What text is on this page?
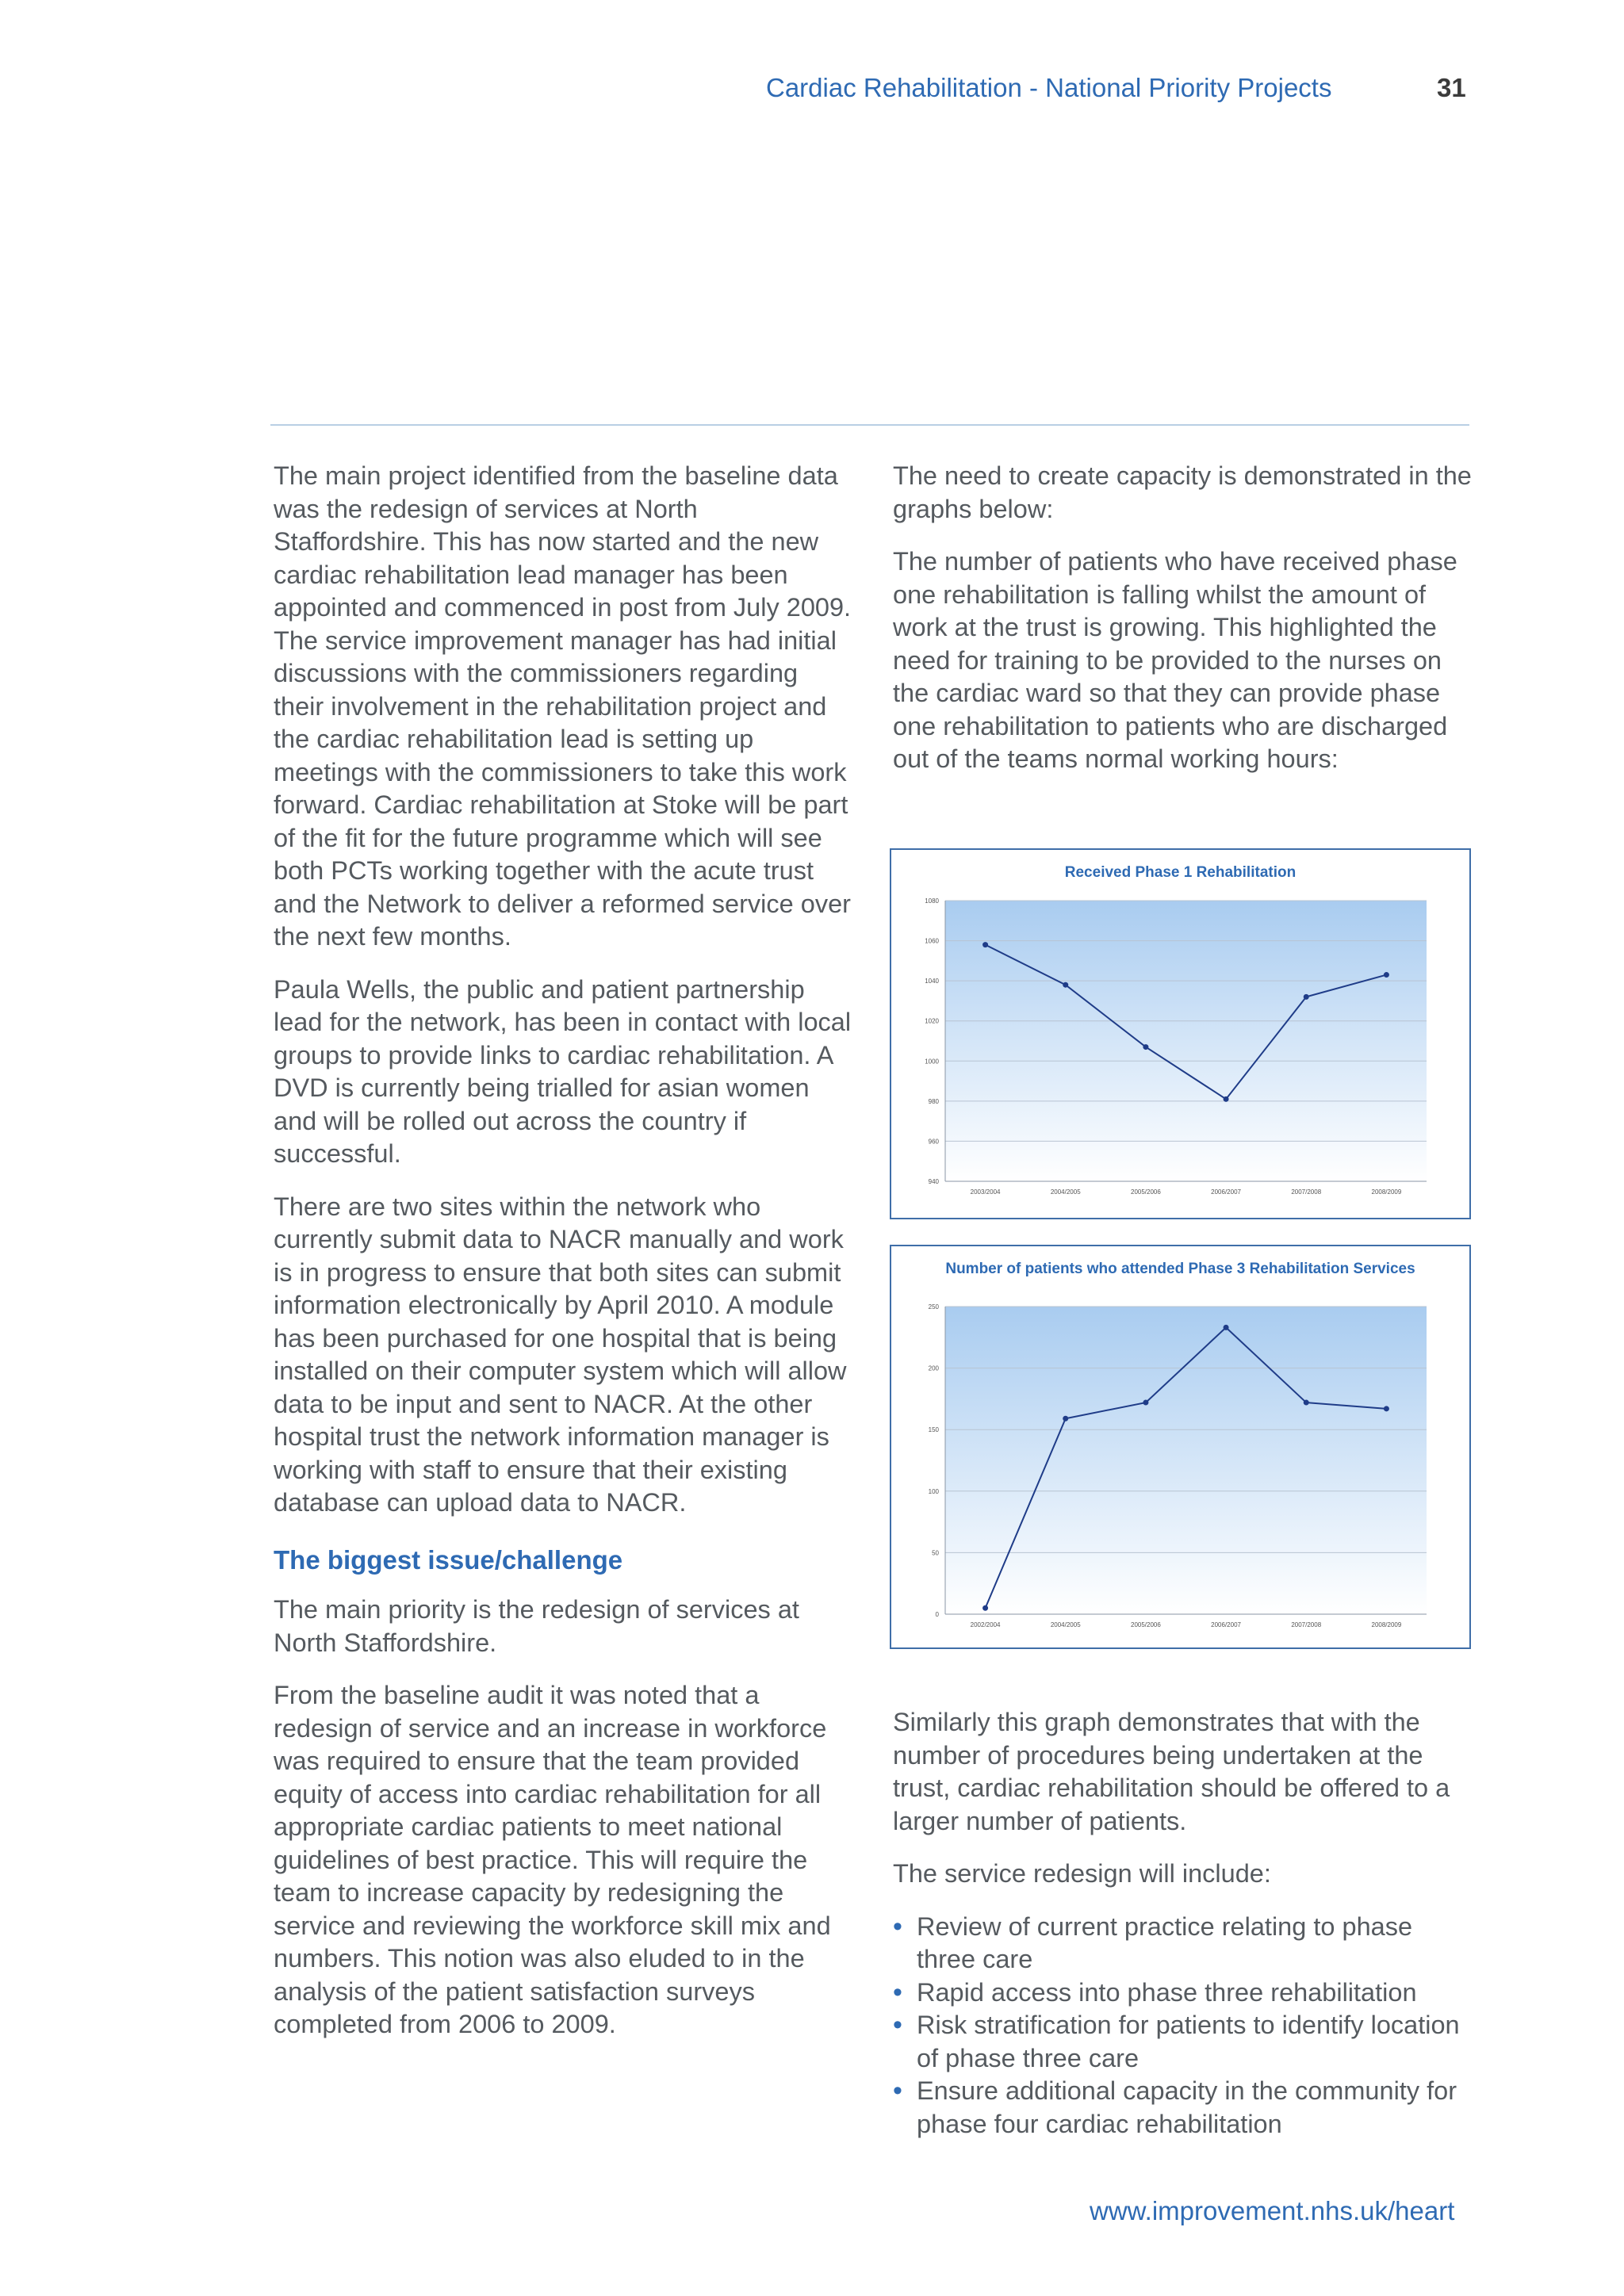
Cardiac Rehabilitation - National Priority Projects	31

The main project identified from the baseline data was the redesign of services at North Staffordshire. This has now started and the new cardiac rehabilitation lead manager has been appointed and commenced in post from July 2009. The service improvement manager has had initial discussions with the commissioners regarding their involvement in the rehabilitation project and the cardiac rehabilitation lead is setting up meetings with the commissioners to take this work forward. Cardiac rehabilitation at Stoke will be part of the fit for the future programme which will see both PCTs working together with the acute trust and the Network to deliver a reformed service over the next few months.

Paula Wells, the public and patient partnership lead for the network, has been in contact with local groups to provide links to cardiac rehabilitation. A DVD is currently being trialled for asian women and will be rolled out across the country if successful.

There are two sites within the network who currently submit data to NACR manually and work is in progress to ensure that both sites can submit information electronically by April 2010. A module has been purchased for one hospital that is being installed on their computer system which will allow data to be input and sent to NACR. At the other hospital trust the network information manager is working with staff to ensure that their existing database can upload data to NACR.

The biggest issue/challenge

The main priority is the redesign of services at North Staffordshire.

From the baseline audit it was noted that a redesign of service and an increase in workforce was required to ensure that the team provided equity of access into cardiac rehabilitation for all appropriate cardiac patients to meet national guidelines of best practice. This will require the team to increase capacity by redesigning the service and reviewing the workforce skill mix and numbers. This notion was also eluded to in the analysis of the patient satisfaction surveys completed from 2006 to 2009.

The need to create capacity is demonstrated in the graphs below:

The number of patients who have received phase one rehabilitation is falling whilst the amount of work at the trust is growing. This highlighted the need for training to be provided to the nurses on the cardiac ward so that they can provide phase one rehabilitation to patients who are discharged out of the teams normal working hours:

Received Phase 1 Rehabilitation
940
960
980
1000
1020
1040
1060
1080
2003/2004	2004/2005	2005/2006	2006/2007	2007/2008	2008/2009
Number of patients who attended Phase 3 Rehabilitation Services
0
50
100
150
200
250
2002/2004	2004/2005	2005/2006	2006/2007	2007/2008	2008/2009

Similarly this graph demonstrates that with the number of procedures being undertaken at the trust, cardiac rehabilitation should be offered to a larger number of patients.

The service redesign will include:

• Review of current practice relating to phase three care
• Rapid access into phase three rehabilitation
• Risk stratification for patients to identify location of phase three care
• Ensure additional capacity in the community for phase four cardiac rehabilitation
www.improvement.nhs.uk/heart
